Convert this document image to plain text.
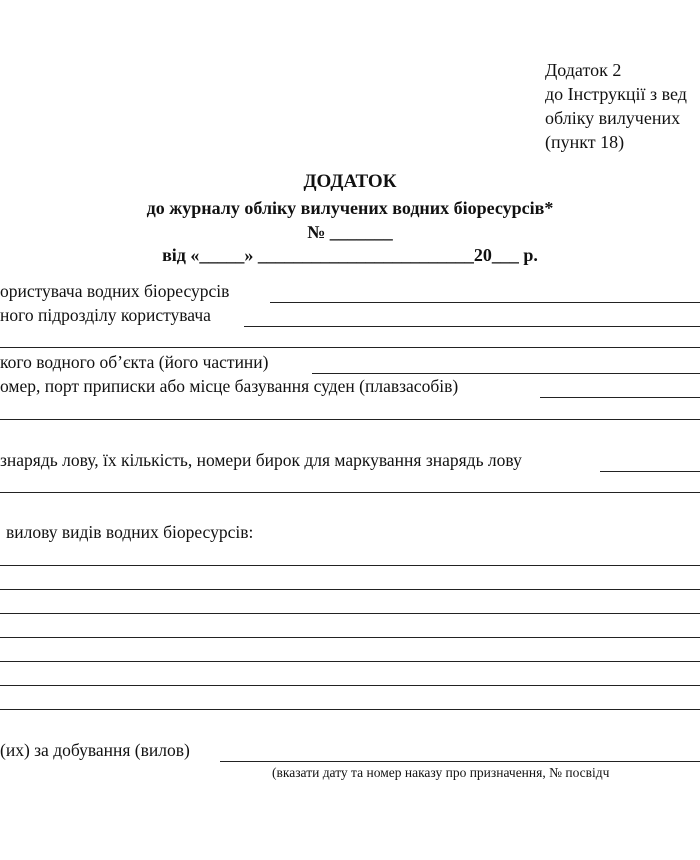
Додаток 2
до Інструкції з вед
обліку вилучених
(пункт 18)
ДОДАТОК
до журналу обліку вилучених водних біоресурсів*
№ _______
від «_____» ________________________20___ р.
ористувача водних біоресурсів
ного підрозділу користувача
кого водного об’єкта (його частини)
омер, порт приписки або місце базування суден (плавзасобів)
знарядь лову, їх кількість, номери бирок для маркування знарядь лову
вилову видів водних біоресурсів:
(их) за добування (вилов)
(вказати дату та номер наказу про призначення, № посвідч
